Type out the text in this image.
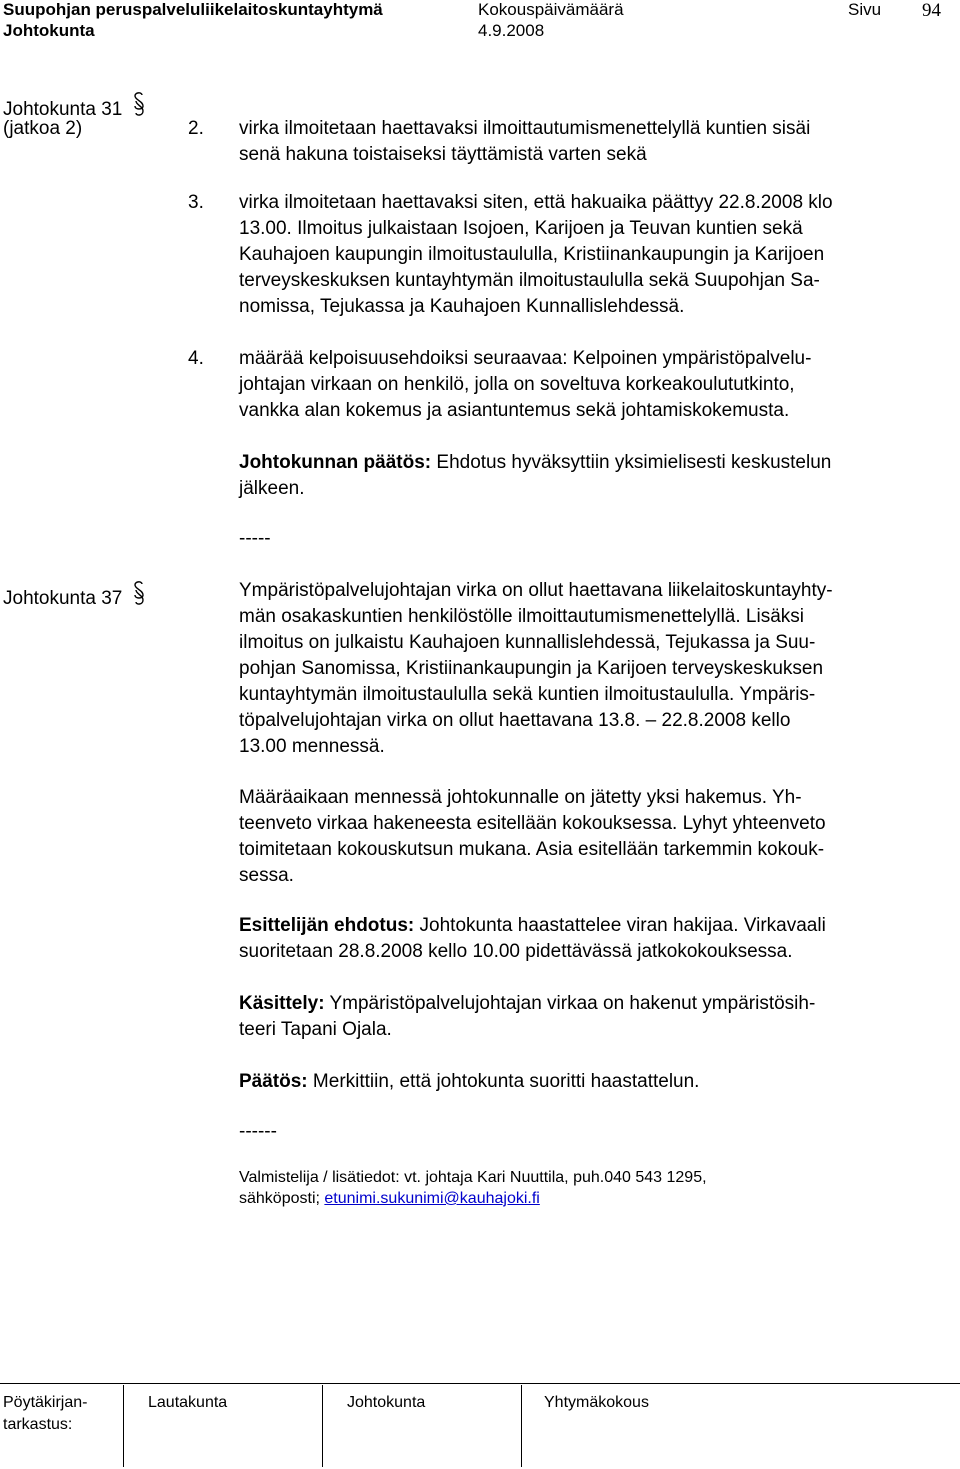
Suupohjan peruspalveluliikelaitoskuntayhtymä
Johtokunta
Kokouspäivämäärä
4.9.2008
Sivu 94
Johtokunta 31
(jatkoa 2)	2. virka ilmoitetaan haettavaksi ilmoittautumismenettelyllä kuntien sisäi
senä hakuna toistaiseksi täyttämistä varten sekä
3. virka ilmoitetaan haettavaksi siten, että hakuaika päättyy 22.8.2008 klo
13.00. Ilmoitus julkaistaan Isojoen, Karijoen ja Teuvan kuntien sekä
Kauhajoen kaupungin ilmoitustaululla, Kristiinankaupungin ja Karijoen
terveyskeskuksen kuntayhtymän ilmoitustaululla sekä Suupohjan Sa-
nomissa, Tejukassa ja Kauhajoen Kunnallislehdessä.
4. määrää kelpoisuusehdoiksi seuraavaa: Kelpoinen ympäristöpalvelu-
johtajan virkaan on henkilö, jolla on soveltuva korkeakoulututkinto,
vankka alan kokemus ja asiantuntemus sekä johtamiskokemusta.
Johtokunnan päätös: Ehdotus hyväksyttiin yksimielisesti keskustelun
jälkeen.
-----
Johtokunta 37	Ympäristöpalvelujohtajan virka on ollut haettavana liikelaitoskuntayhty-
män osakaskuntien henkilöstölle ilmoittautumismenettelyllä. Lisäksi
ilmoitus on julkaistu Kauhajoen kunnallislehdessä, Tejukassa ja Suu-
pohjan Sanomissa, Kristiinankaupungin ja Karijoen terveyskeskuksen
kuntayhtymän ilmoitustaululla sekä kuntien ilmoitustaululla. Ympäris-
töpalvelujohtajan virka on ollut haettavana 13.8. – 22.8.2008 kello
13.00 mennessä.
Määräaikaan mennessä johtokunnalle on jätetty yksi hakemus. Yh-
teenveto virkaa hakeneesta esitellään kokouksessa. Lyhyt yhteenveto
toimitetaan kokouskutsun mukana. Asia esitellään tarkemmin kokouk-
sessa.
Esittelijän ehdotus: Johtokunta haastattelee viran hakijaa. Virkavaali
suoritetaan 28.8.2008 kello 10.00 pidettävässä jatkokokouksessa.
Käsittely: Ympäristöpalvelujohtajan virkaa on hakenut ympäristösih-
teeri Tapani Ojala.
Päätös: Merkittiin, että johtokunta suoritti haastattelun.
------
Valmistelija / lisätiedot: vt. johtaja Kari Nuuttila, puh.040 543 1295,
sähköposti; etunimi.sukunimi@kauhajoki.fi
Pöytäkirjan-
tarkastus:
Lautakunta	Johtokunta	Yhtymäkokous
